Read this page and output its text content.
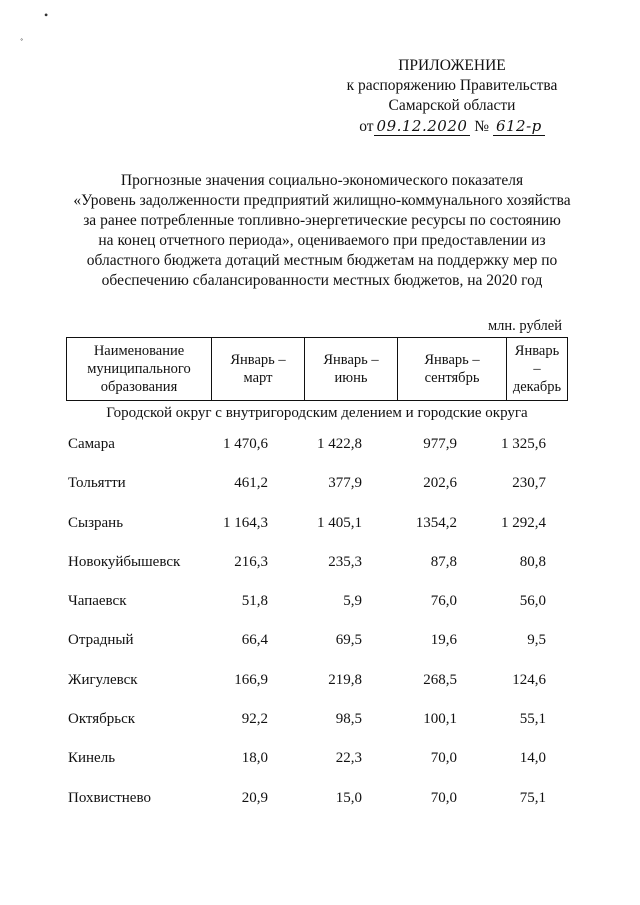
•
˚
ПРИЛОЖЕНИЕ
к распоряжению Правительства
Самарской области
от 09.12.2020 № 612-р
Прогнозные значения социально-экономического показателя
«Уровень задолженности предприятий жилищно-коммунального хозяйства
за ранее потребленные топливно-энергетические ресурсы по состоянию
на конец отчетного периода», оцениваемого при предоставлении из
областного бюджета дотаций местным бюджетам на поддержку мер по
обеспечению сбалансированности местных бюджетов, на 2020 год
млн. рублей
Наименование муниципального образования	Январь – март	Январь – июнь	Январь – сентябрь	Январь – декабрь
Городской округ с внутригородским делением и городские округа
Самара	1 470,6	1 422,8	977,9	1 325,6
Тольятти	461,2	377,9	202,6	230,7
Сызрань	1 164,3	1 405,1	1354,2	1 292,4
Новокуйбышевск	216,3	235,3	87,8	80,8
Чапаевск	51,8	5,9	76,0	56,0
Отрадный	66,4	69,5	19,6	9,5
Жигулевск	166,9	219,8	268,5	124,6
Октябрьск	92,2	98,5	100,1	55,1
Кинель	18,0	22,3	70,0	14,0
Похвистнево	20,9	15,0	70,0	75,1
